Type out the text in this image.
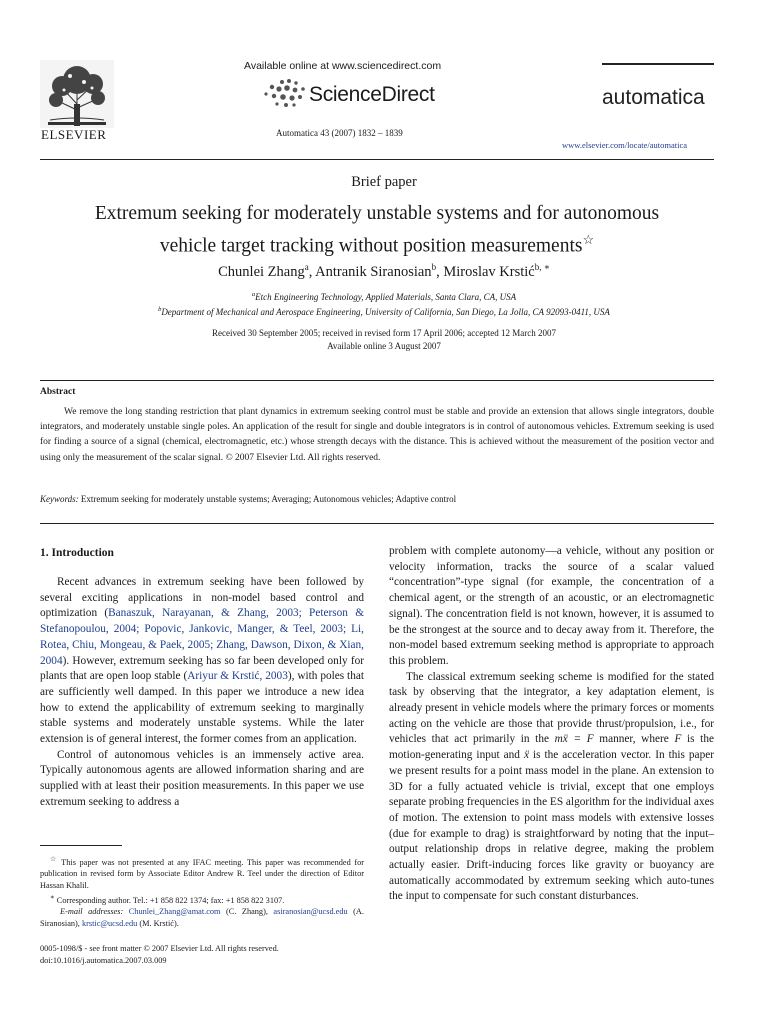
ELSEVIER
Available online at www.sciencedirect.com
ScienceDirect
Automatica 43 (2007) 1832 – 1839
automatica
www.elsevier.com/locate/automatica
Brief paper
Extremum seeking for moderately unstable systems and for autonomous
vehicle target tracking without position measurements☆
Chunlei Zhang$^a$, Antranik Siranosian$^b$, Miroslav Krstić$^{b, ∗}$
$^a$Etch Engineering Technology, Applied Materials, Santa Clara, CA, USA
$^b$Department of Mechanical and Aerospace Engineering, University of California, San Diego, La Jolla, CA 92093-0411, USA
Received 30 September 2005; received in revised form 17 April 2006; accepted 12 March 2007
Available online 3 August 2007
Abstract
We remove the long standing restriction that plant dynamics in extremum seeking control must be stable and provide an extension that allows single integrators, double integrators, and moderately unstable single poles. An application of the result for single and double integrators is in control of autonomous vehicles. Extremum seeking is used for finding a source of a signal (chemical, electromagnetic, etc.) whose strength decays with the distance. This is achieved without the measurement of the position vector and using only the measurement of the scalar signal. © 2007 Elsevier Ltd. All rights reserved.
Keywords: Extremum seeking for moderately unstable systems; Averaging; Autonomous vehicles; Adaptive control
1. Introduction

Recent advances in extremum seeking have been followed by several exciting applications in non-model based control and optimization (Banaszuk, Narayanan, & Zhang, 2003; Peterson & Stefanopoulou, 2004; Popovic, Jankovic, Manger, & Teel, 2003; Li, Rotea, Chiu, Mongeau, & Paek, 2005; Zhang, Dawson, Dixon, & Xian, 2004). However, extremum seeking has so far been developed only for plants that are open loop stable (Ariyur & Krstić, 2003), with poles that are sufficiently well damped. In this paper we introduce a new idea how to extend the applicability of extremum seeking to marginally stable systems and moderately unstable systems. While the later extension is of general interest, the former comes from an application.

Control of autonomous vehicles is an immensely active area. Typically autonomous agents are allowed information sharing and are supplied with at least their position measurements. In this paper we use extremum seeking to address a

problem with complete autonomy—a vehicle, without any position or velocity information, tracks the source of a scalar valued “concentration”-type signal (for example, the concentration of a chemical agent, or the strength of an acoustic, or an electromagnetic signal). The concentration field is not known, however, it is assumed to be the strongest at the source and to decay away from it. Therefore, the non-model based extremum seeking method is appropriate to approach this problem.

The classical extremum seeking scheme is modified for the stated task by observing that the integrator, a key adaptation element, is already present in vehicle models where the primary forces or moments acting on the vehicle are those that provide thrust/propulsion, i.e., for vehicles that act primarily in the mẍ = F manner, where F is the motion-generating input and ẍ is the acceleration vector. In this paper we present results for a point mass model in the plane. An extension to 3D for a fully actuated vehicle is trivial, except that one employs separate probing frequencies in the ES algorithm for the individual axes of motion. The extension to point mass models with extensive losses (due for example to drag) is straightforward by noting that the input–output relationship drops in relative degree, making the problem actually easier. Drift-inducing forces like gravity or buoyancy are automatically accommodated by extremum seeking which auto-tunes the input to compensate for such constant disturbances.

☆ This paper was not presented at any IFAC meeting. This paper was recommended for publication in revised form by Associate Editor Andrew R. Teel under the direction of Editor Hassan Khalil.

∗ Corresponding author. Tel.: +1 858 822 1374; fax: +1 858 822 3107.

E-mail addresses: Chunlei_Zhang@amat.com (C. Zhang), asiranosian@ucsd.edu (A. Siranosian), krstic@ucsd.edu (M. Krstić).

0005-1098/$ - see front matter © 2007 Elsevier Ltd. All rights reserved.
doi:10.1016/j.automatica.2007.03.009
